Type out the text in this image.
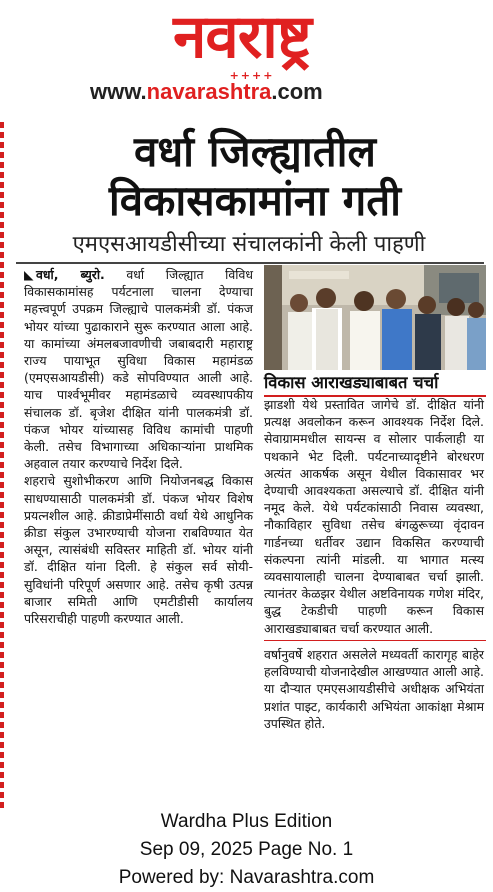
नवराष्ट्र
++++
www.navarashtra.com
वर्धा जिल्ह्यातील
विकासकामांना गती
एमएसआयडीसीच्या संचालकांनी केली पाहणी
◣ वर्धा, ब्युरो. वर्धा जिल्ह्यात विविध विकासकामांसह पर्यटनाला चालना देण्याचा महत्त्वपूर्ण उपक्रम जिल्ह्याचे पालकमंत्री डॉ. पंकज भोयर यांच्या पुढाकाराने सुरू करण्यात आला आहे. या कामांच्या अंमलबजावणीची जबाबदारी महाराष्ट्र राज्य पायाभूत सुविधा विकास महामंडळ (एमएसआयडीसी) कडे सोपविण्यात आली आहे. याच पार्श्वभूमीवर महामंडळाचे व्यवस्थापकीय संचालक डॉ. बृजेश दीक्षित यांनी पालकमंत्री डॉ. पंकज भोयर यांच्यासह विविध कामांची पाहणी केली. तसेच विभागाच्या अधिकाऱ्यांना प्राथमिक अहवाल तयार करण्याचे निर्देश दिले.
शहराचे सुशोभीकरण आणि नियोजनबद्ध विकास साधण्यासाठी पालकमंत्री डॉ. पंकज भोयर विशेष प्रयत्नशील आहे. क्रीडाप्रेमींसाठी वर्धा येथे आधुनिक क्रीडा संकुल उभारण्याची योजना राबविण्यात येत असून, त्यासंबंधी सविस्तर माहिती डॉ. भोयर यांनी डॉ. दीक्षित यांना दिली. हे संकुल सर्व सोयी-सुविधांनी परिपूर्ण असणार आहे. तसेच कृषी उत्पन्न बाजार समिती आणि एमटीडीसी कार्यालय परिसराचीही पाहणी करण्यात आली.
विकास आराखड्याबाबत चर्चा
झाडशी येथे प्रस्तावित जागेचे डॉ. दीक्षित यांनी प्रत्यक्ष अवलोकन करून आवश्यक निर्देश दिले. सेवाग्राममधील सायन्स व सोलार पार्कलाही या पथकाने भेट दिली. पर्यटनाच्यादृष्टीने बोरधरण अत्यंत आकर्षक असून येथील विकासावर भर देण्याची आवश्यकता असल्याचे डॉ. दीक्षित यांनी नमूद केले. येथे पर्यटकांसाठी निवास व्यवस्था, नौकाविहार सुविधा तसेच बंगळुरूच्या वृंदावन गार्डनच्या धर्तीवर उद्यान विकसित करण्याची संकल्पना त्यांनी मांडली. या भागात मत्स्य व्यवसायालाही चालना देण्याबाबत चर्चा झाली. त्यानंतर केळझर येथील अष्टविनायक गणेश मंदिर, बुद्ध टेकडीची पाहणी करून विकास आराखड्याबाबत चर्चा करण्यात आली.
वर्षानुवर्षे शहरात असलेले मध्यवर्ती कारागृह बाहेर हलविण्याची योजनादेखील आखण्यात आली आहे. या दौऱ्यात एमएसआयडीसीचे अधीक्षक अभियंता प्रशांत पाझ्ट, कार्यकारी अभियंता आकांक्षा मेश्राम उपस्थित होते.
Wardha Plus Edition
Sep 09, 2025 Page No. 1
Powered by: Navarashtra.com
